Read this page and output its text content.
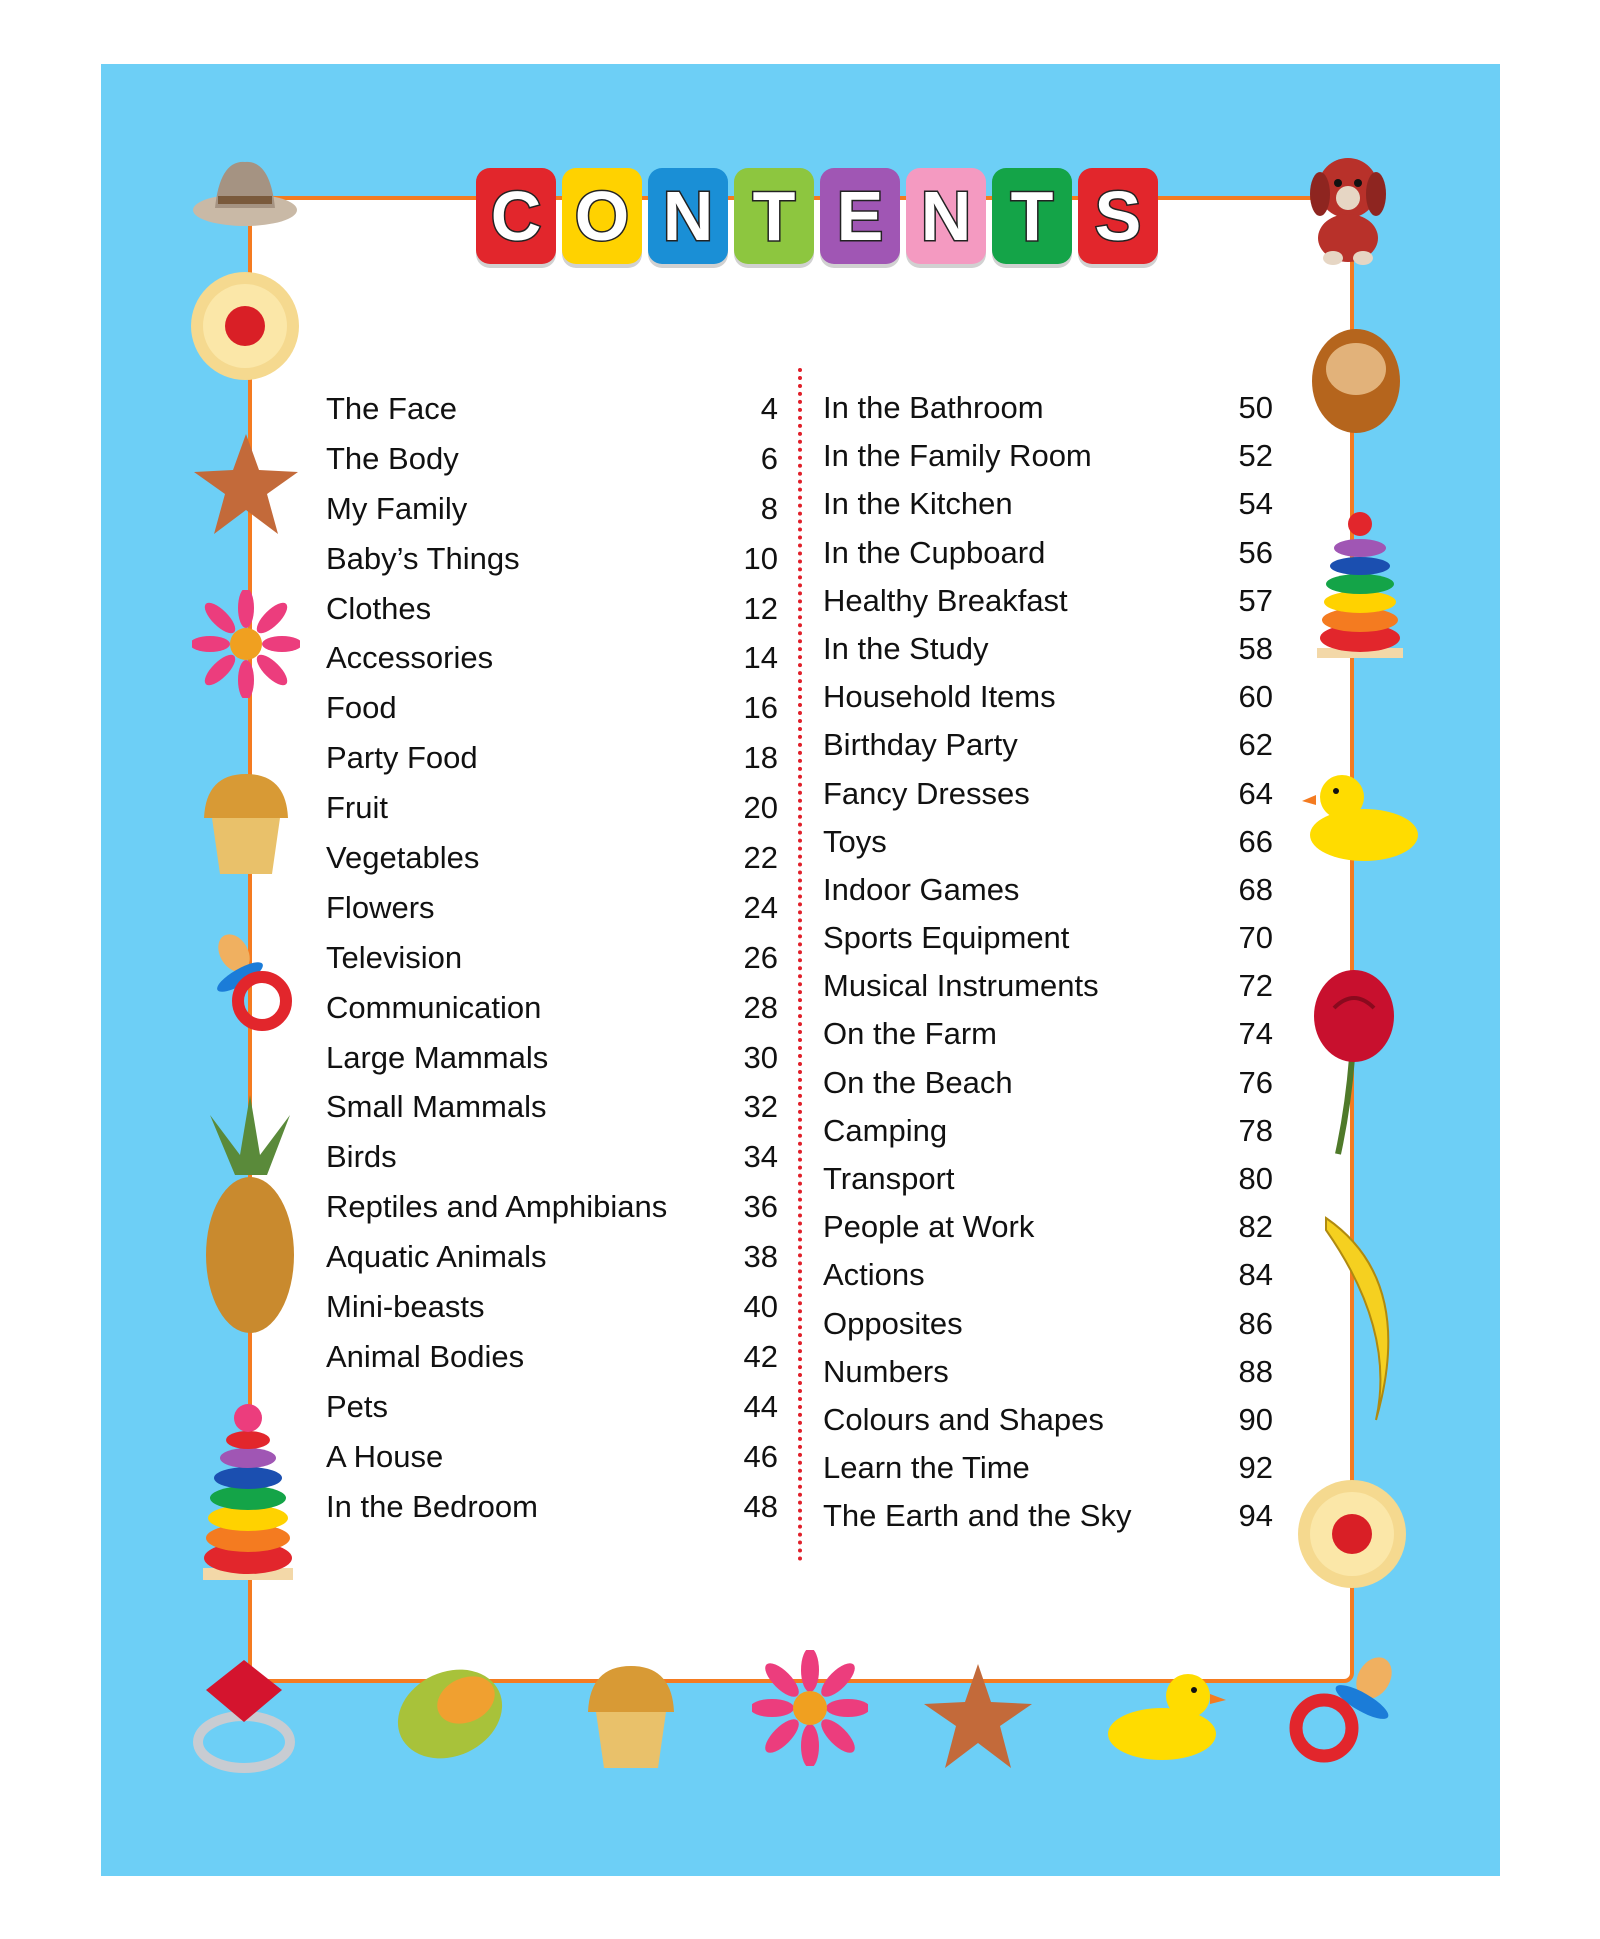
C O N T E N T S
The Face	4
The Body	6
My Family	8
Baby’s Things	10
Clothes	12
Accessories	14
Food	16
Party Food	18
Fruit	20
Vegetables	22
Flowers	24
Television	26
Communication	28
Large Mammals	30
Small Mammals	32
Birds	34
Reptiles and Amphibians 36
Aquatic Animals	38
Mini-beasts	40
Animal Bodies	42
Pets	44
A House	46
In the Bedroom	48
In the Bathroom	50
In the Family Room	52
In the Kitchen	54
In the Cupboard	56
Healthy Breakfast	57
In the Study	58
Household Items	60
Birthday Party	62
Fancy Dresses	64
Toys	66
Indoor Games	68
Sports Equipment	70
Musical Instruments	72
On the Farm	74
On the Beach	76
Camping	78
Transport	80
People at Work	82
Actions	84
Opposites	86
Numbers	88
Colours and Shapes	90
Learn the Time	92
The Earth and the Sky	94
